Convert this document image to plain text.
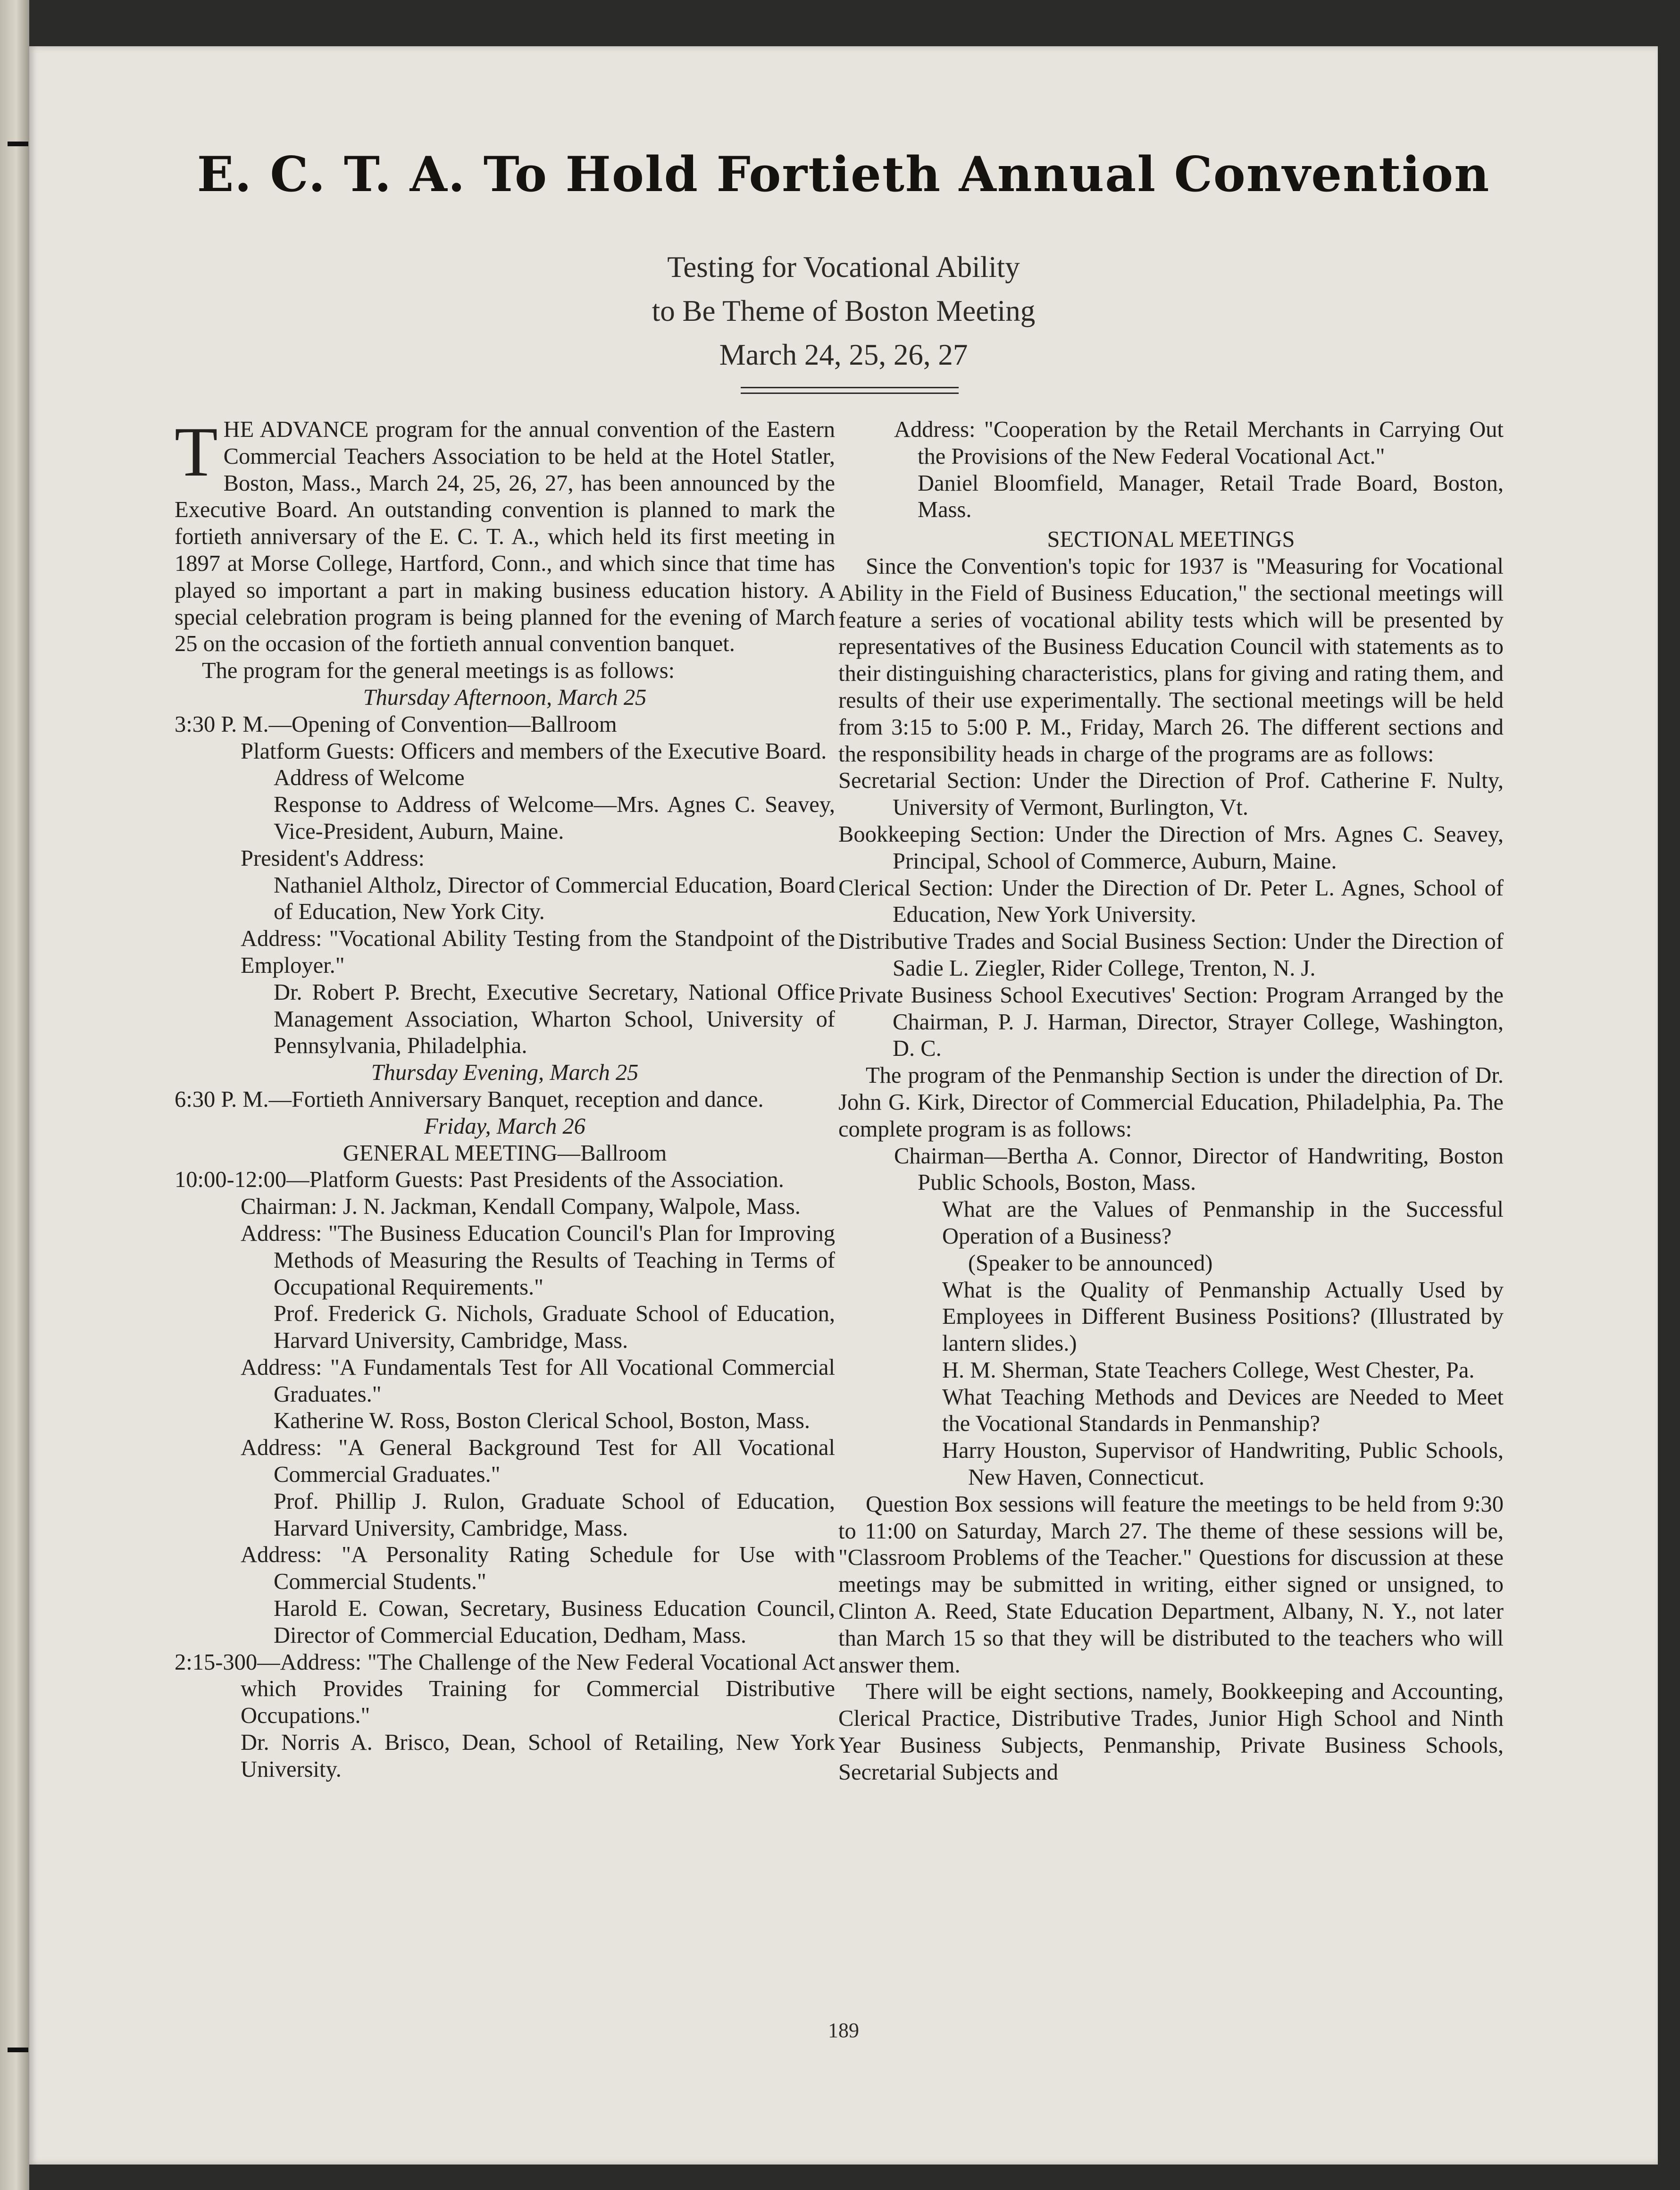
E. C. T. A. To Hold Fortieth Annual Convention

Testing for Vocational Ability

to Be Theme of Boston Meeting

March 24, 25, 26, 27

THE ADVANCE program for the annual convention of the Eastern Commercial Teachers Association to be held at the Hotel Statler, Boston, Mass., March 24, 25, 26, 27, has been announced by the Executive Board. An outstanding convention is planned to mark the fortieth anniversary of the E. C. T. A., which held its first meeting in 1897 at Morse College, Hartford, Conn., and which since that time has played so important a part in making business education history. A special celebration program is being planned for the evening of March 25 on the occasion of the fortieth annual convention banquet.

The program for the general meetings is as follows:

Thursday Afternoon, March 25

3:30 P. M.—Opening of Convention—Ballroom

Platform Guests: Officers and members of the Executive Board.

Address of Welcome

Response to Address of Welcome—Mrs. Agnes C. Seavey, Vice-President, Auburn, Maine.

President's Address:

Nathaniel Altholz, Director of Commercial Education, Board of Education, New York City.

Address: "Vocational Ability Testing from the Standpoint of the Employer."

Dr. Robert P. Brecht, Executive Secretary, National Office Management Association, Wharton School, University of Pennsylvania, Philadelphia.

Thursday Evening, March 25

6:30 P. M.—Fortieth Anniversary Banquet, reception and dance.

Friday, March 26

GENERAL MEETING—Ballroom

10:00-12:00—Platform Guests: Past Presidents of the Association.

Chairman: J. N. Jackman, Kendall Company, Walpole, Mass.

Address: "The Business Education Council's Plan for Improving Methods of Measuring the Results of Teaching in Terms of Occupational Requirements."

Prof. Frederick G. Nichols, Graduate School of Education, Harvard University, Cambridge, Mass.

Address: "A Fundamentals Test for All Vocational Commercial Graduates."

Katherine W. Ross, Boston Clerical School, Boston, Mass.

Address: "A General Background Test for All Vocational Commercial Graduates."

Prof. Phillip J. Rulon, Graduate School of Education, Harvard University, Cambridge, Mass.

Address: "A Personality Rating Schedule for Use with Commercial Students."

Harold E. Cowan, Secretary, Business Education Council, Director of Commercial Education, Dedham, Mass.

2:15-300—Address: "The Challenge of the New Federal Vocational Act which Provides Training for Commercial Distributive Occupations."

Dr. Norris A. Brisco, Dean, School of Retailing, New York University.

Address: "Cooperation by the Retail Merchants in Carrying Out the Provisions of the New Federal Vocational Act."

Daniel Bloomfield, Manager, Retail Trade Board, Boston, Mass.

SECTIONAL MEETINGS

Since the Convention's topic for 1937 is "Measuring for Vocational Ability in the Field of Business Education," the sectional meetings will feature a series of vocational ability tests which will be presented by representatives of the Business Education Council with statements as to their distinguishing characteristics, plans for giving and rating them, and results of their use experimentally. The sectional meetings will be held from 3:15 to 5:00 P. M., Friday, March 26. The different sections and the responsibility heads in charge of the programs are as follows:

Secretarial Section: Under the Direction of Prof. Catherine F. Nulty, University of Vermont, Burlington, Vt.

Bookkeeping Section: Under the Direction of Mrs. Agnes C. Seavey, Principal, School of Commerce, Auburn, Maine.

Clerical Section: Under the Direction of Dr. Peter L. Agnes, School of Education, New York University.

Distributive Trades and Social Business Section: Under the Direction of Sadie L. Ziegler, Rider College, Trenton, N. J.

Private Business School Executives' Section: Program Arranged by the Chairman, P. J. Harman, Director, Strayer College, Washington, D. C.

The program of the Penmanship Section is under the direction of Dr. John G. Kirk, Director of Commercial Education, Philadelphia, Pa. The complete program is as follows:

Chairman—Bertha A. Connor, Director of Handwriting, Boston Public Schools, Boston, Mass.

What are the Values of Penmanship in the Successful Operation of a Business?

(Speaker to be announced)

What is the Quality of Penmanship Actually Used by Employees in Different Business Positions? (Illustrated by lantern slides.)

H. M. Sherman, State Teachers College, West Chester, Pa.

What Teaching Methods and Devices are Needed to Meet the Vocational Standards in Penmanship?

Harry Houston, Supervisor of Handwriting, Public Schools, New Haven, Connecticut.

Question Box sessions will feature the meetings to be held from 9:30 to 11:00 on Saturday, March 27. The theme of these sessions will be, "Classroom Problems of the Teacher." Questions for discussion at these meetings may be submitted in writing, either signed or unsigned, to Clinton A. Reed, State Education Department, Albany, N. Y., not later than March 15 so that they will be distributed to the teachers who will answer them.

There will be eight sections, namely, Bookkeeping and Accounting, Clerical Practice, Distributive Trades, Junior High School and Ninth Year Business Subjects, Penmanship, Private Business Schools, Secretarial Subjects and

189
